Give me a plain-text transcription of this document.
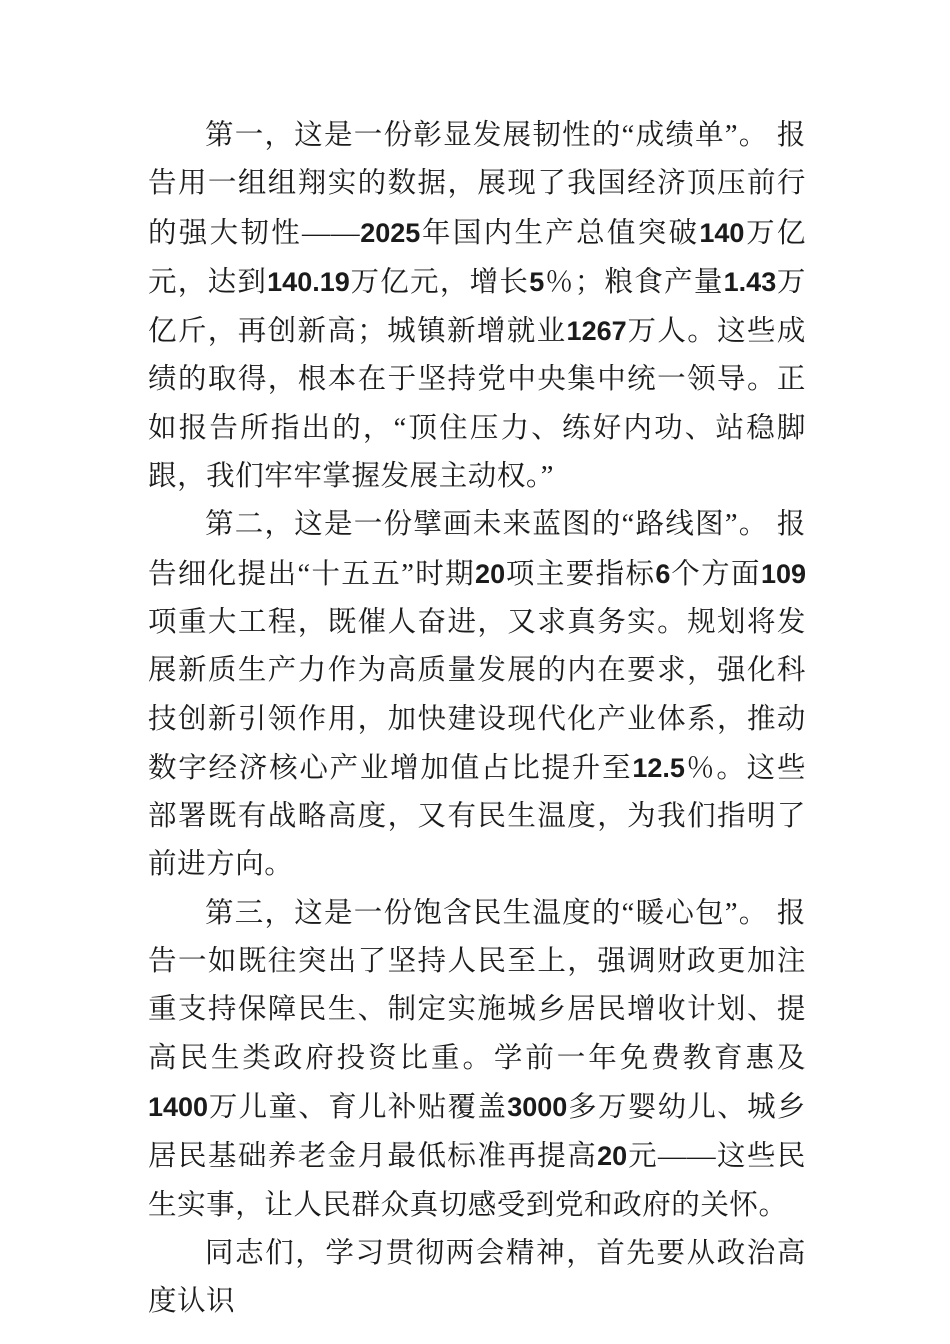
第一，这是一份彰显发展韧性的“成绩单”。 报告用一组组翔实的数据，展现了我国经济顶压前行的强大韧性——2025年国内生产总值突破140万亿元，达到140.19万亿元，增长5％；粮食产量1.43万亿斤，再创新高；城镇新增就业1267万人。这些成绩的取得，根本在于坚持党中央集中统一领导。正如报告所指出的，“顶住压力、练好内功、站稳脚跟，我们牢牢掌握发展主动权。”

第二，这是一份擘画未来蓝图的“路线图”。 报告细化提出“十五五”时期20项主要指标6个方面109项重大工程，既催人奋进，又求真务实。规划将发展新质生产力作为高质量发展的内在要求，强化科技创新引领作用，加快建设现代化产业体系，推动数字经济核心产业增加值占比提升至12.5％。这些部署既有战略高度，又有民生温度，为我们指明了前进方向。

第三，这是一份饱含民生温度的“暖心包”。 报告一如既往突出了坚持人民至上，强调财政更加注重支持保障民生、制定实施城乡居民增收计划、提高民生类政府投资比重。学前一年免费教育惠及1400万儿童、育儿补贴覆盖3000多万婴幼儿、城乡居民基础养老金月最低标准再提高20元——这些民生实事，让人民群众真切感受到党和政府的关怀。

同志们，学习贯彻两会精神，首先要从政治高度认识
